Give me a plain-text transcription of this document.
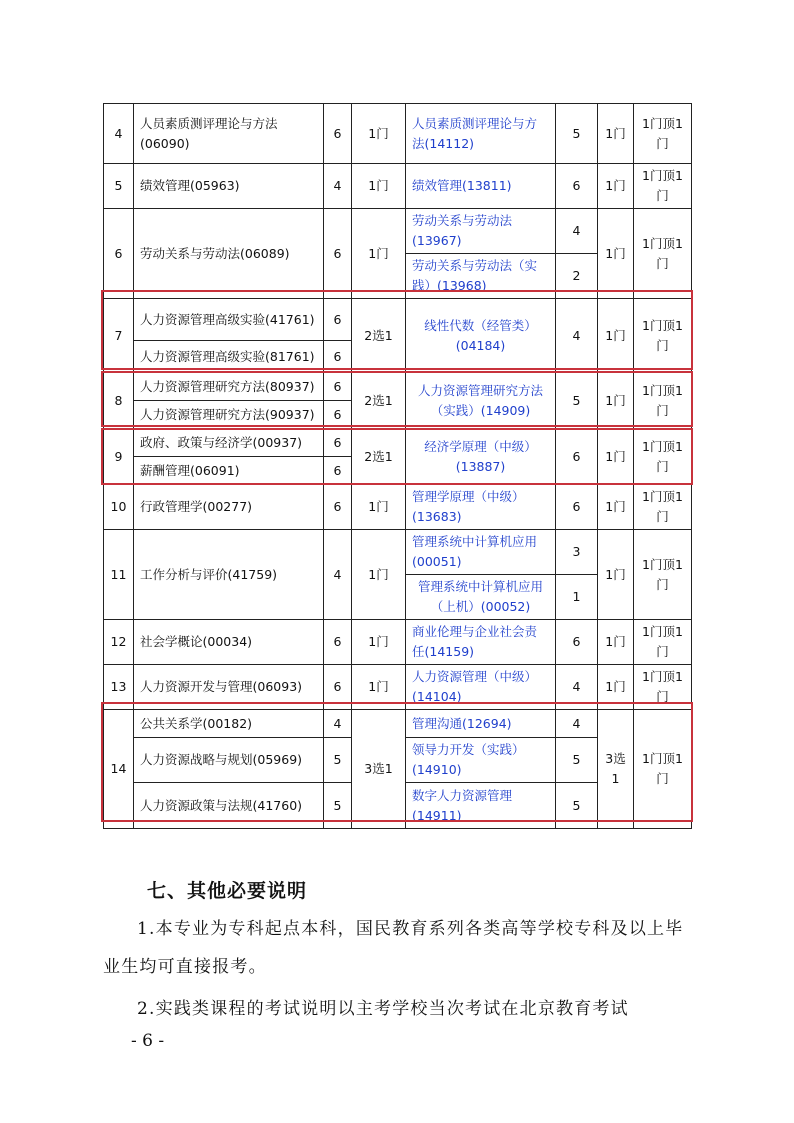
4	人员素质测评理论与方法(06090)	6	1门	人员素质测评理论与方法(14112)	5	1门	1门顶1门
5	绩效管理(05963)	4	1门	绩效管理(13811)	6	1门	1门顶1门
6	劳动关系与劳动法(06089)	6	1门	劳动关系与劳动法(13967)	4	1门	1门顶1门
				劳动关系与劳动法（实践）(13968)	2		
7	人力资源管理高级实验(41761)	6	2选1	线性代数（经管类）(04184)	4	1门	1门顶1门
	人力资源管理高级实验(81761)	6					
8	人力资源管理研究方法(80937)	6	2选1	人力资源管理研究方法（实践）(14909)	5	1门	1门顶1门
	人力资源管理研究方法(90937)	6					
9	政府、政策与经济学(00937)	6	2选1	经济学原理（中级）(13887)	6	1门	1门顶1门
	薪酬管理(06091)	6					
10	行政管理学(00277)	6	1门	管理学原理（中级）(13683)	6	1门	1门顶1门
11	工作分析与评价(41759)	4	1门	管理系统中计算机应用(00051)	3	1门	1门顶1门
				管理系统中计算机应用（上机）(00052)	1		
12	社会学概论(00034)	6	1门	商业伦理与企业社会责任(14159)	6	1门	1门顶1门
13	人力资源开发与管理(06093)	6	1门	人力资源管理（中级）(14104)	4	1门	1门顶1门
14	公共关系学(00182)	4	3选1	管理沟通(12694)	4	3选1	1门顶1门
	人力资源战略与规划(05969)	5		领导力开发（实践）(14910)	5		
	人力资源政策与法规(41760)	5		数字人力资源管理(14911)	5		
七、其他必要说明
1.本专业为专科起点本科，国民教育系列各类高等学校专科及以上毕业生均可直接报考。
2.实践类课程的考试说明以主考学校当次考试在北京教育考试
- 6 -
